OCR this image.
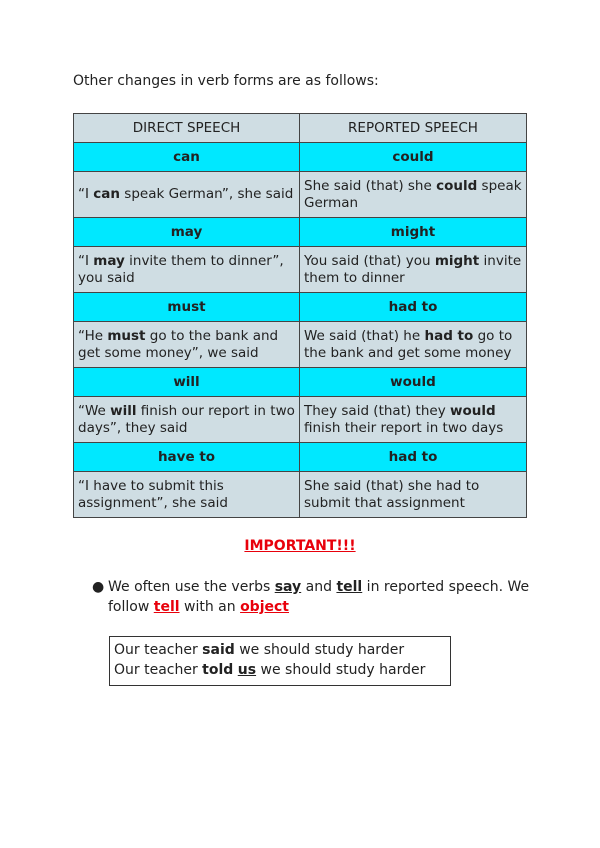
Other changes in verb forms are as follows:
DIRECT SPEECH	REPORTED SPEECH
can	could
“I can speak German”, she said	She said (that) she could speak German
may	might
“I may invite them to dinner”, you said	You said (that) you might invite them to dinner
must	had to
“He must go to the bank and get some money”, we said	We said (that) he had to go to the bank and get some money
will	would
“We will finish our report in two days”, they said	They said (that) they would finish their report in two days
have to	had to
“I have to submit this assignment”, she said	She said (that) she had to submit that assignment
IMPORTANT!!!
● We often use the verbs say and tell in reported speech. We follow tell with an object
Our teacher said we should study harder
Our teacher told us we should study harder
